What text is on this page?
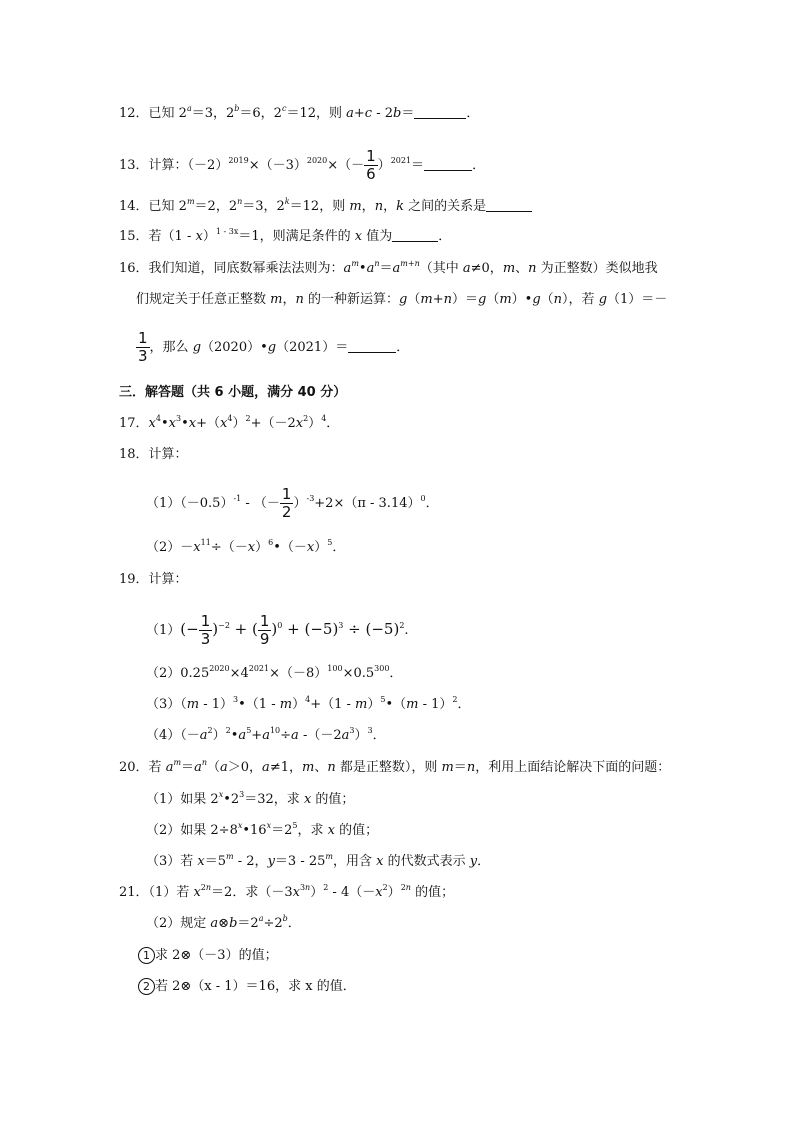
12．已知 $2^a=3$，$2^b=6$，$2^c=12$，则 a+c - 2b＝	．
13．计算：$(-2)^{2019}\times(-3)^{2020}\times(- \frac{1}{6} )^{2021}=$	．
14．已知 $2^m=2$，$2^n=3$，$2^k=12$，则 m，n，k 之间的关系是
15．若（1 - x）$^{1 - 3x}$＝1，则满足条件的 x 值为	．
16．我们知道，同底数幂乘法法则为：$a^m•a^n=a^{m+n}$（其中 a≠0，m、n 为正整数）类似地我
们规定关于任意正整数 m，n 的一种新运算：g（m+n）＝g（m）•g（n），若 g（1）＝－
$\frac{1}{3}$ ，那么 g（2020）•g（2021）＝	．
三．解答题（共 6 小题，满分 40 分）
17．$x^4•x^3•x+(x^4)^2+(-2x^2)^4$．
18．计算：
$(1)(-0.5)^{-1}$ - （－ $\frac{1}{2} )^{-3}+2\times(\pi - 3.14)^0$．
$(2)-x^{11}\div(-x)^6•(-x)^5$．
19．计算：
$(1)(- \frac{1}{3} )^{-2}$ + ( $\frac{1}{9} )^0 + (-5)^3 \div (-5)^2$.
$(2)0.25^{2020}\times 4^{2021}\times(-8)^{100}\times 0.5^{300}$．
（3）（m - 1）$^3$•（1 - m）$^4$+（1 - m）$^5$•（m - 1）$^2$．
$(4)(-a^2)^2•a^5+a^{10}\div a$ $-(-2a^3)^3$．
20．若 $a^m=a^n(a>0$，a≠1，m、n 都是正整数），则 m＝n，利用上面结论解决下面的问题：
（1）如果 $2^x•2^3=32$，求 x 的值；
（2）如果 $2\div 8^x•16^x=2^5$，求 x 的值；
（3）若 $x=5^m - 2$，y＝3 - 25$^m$，用含 x 的代数式表示 y．
21．（1）若 $x^{2n}=2$．求$(-3x^{3n})^2 - 4(-x^2)^{2n}$ 的值；
（2）规定 $a\otimes b=2^a\div 2^b$．
1 求 2⊗（－3）的值；
2 若 2⊗（x - 1）＝16，求 x 的值．
